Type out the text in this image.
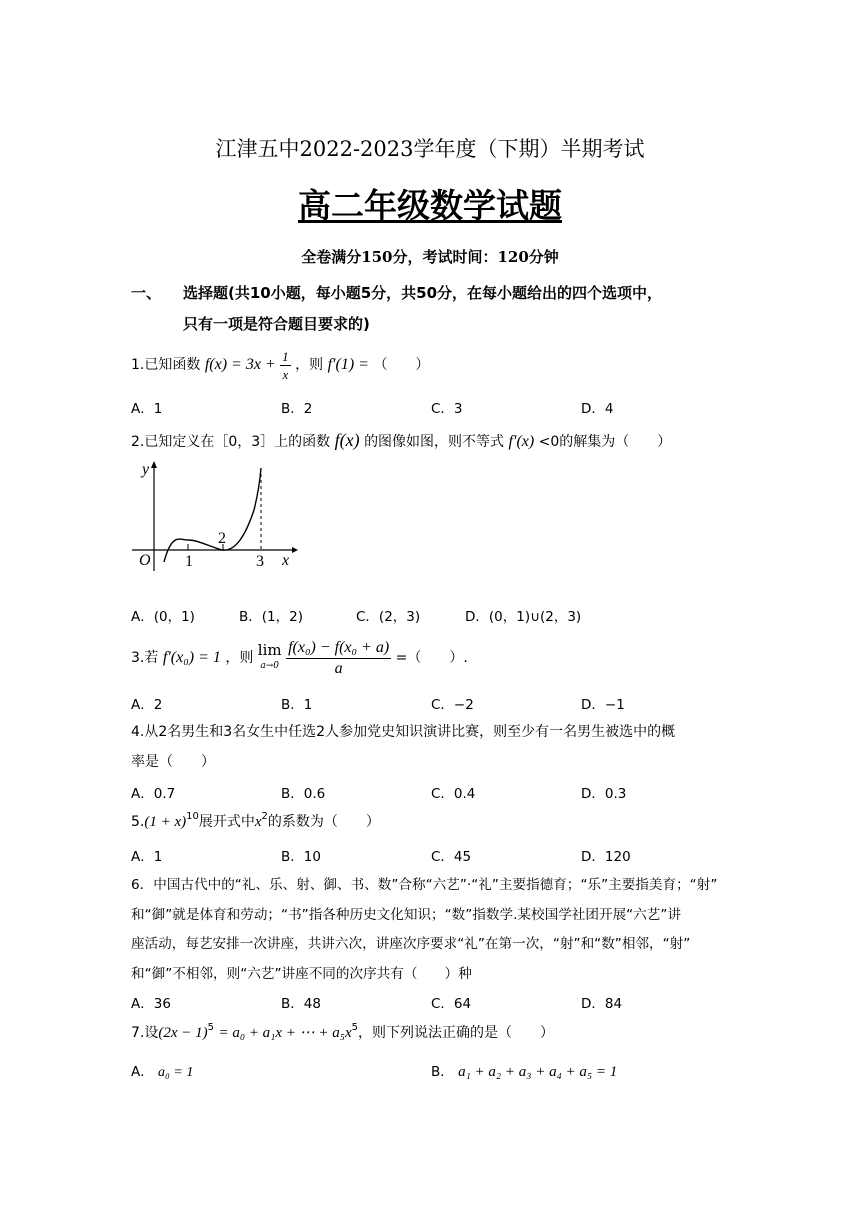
江津五中2022-2023学年度（下期）半期考试
高二年级数学试题
全卷满分150分，考试时间：120分钟
一、 选择题(共10小题，每小题5分，共50分，在每小题给出的四个选项中，
只有一项是符合题目要求的)
1.已知函数 $f(x) = 3x + \frac{1}{x}$ ，则 f′(1) = （　　）
A．1	B．2	C．3	D．4
2.已知定义在［0，3］上的函数 f(x) 的图像如图，则不等式 f′(x) <0的解集为（　　）
y
x
O 1
2
3
A．(0，1)	B．(1，2)	C．(2，3)	D．(0，1)∪(2，3)
3.若 f′(x₀) = 1 ，则 lim
a→0
$\frac{\text{f(x₀) − f(x₀ + a)}}{a}$ =（　　）.
A．2	B．1	C．−2	D．−1
4.从2名男生和3名女生中任选2人参加党史知识演讲比赛，则至少有一名男生被选中的概
率是（　　）
A．0.7	B．0.6	C．0.4	D．0.3
$5.(1 + x)^{10}$展开式中$x^2$的系数为（　　）
A．1	B．10	C．45	D．120
6．中国古代中的“礼、乐、射、御、书、数”合称“六艺”·“礼”主要指德育；“乐”主要指美育；“射”
和“御”就是体育和劳动；“书”指各种历史文化知识；“数”指数学.某校国学社团开展“六艺”讲
座活动，每艺安排一次讲座，共讲六次，讲座次序要求“礼”在第一次，“射”和“数”相邻，“射”
和“御”不相邻，则“六艺”讲座不同的次序共有（　　）种
A．36	B．48	C．64	D．84
7.设$(2x - 1)^5 = a_0 + a_1x$ + ⋯ + $a_5x^5$，则下列说法正确的是（　　）
A． a₀ = 1	B． a₁ + a₂ + a₃ + a₄ + a₅ = 1
